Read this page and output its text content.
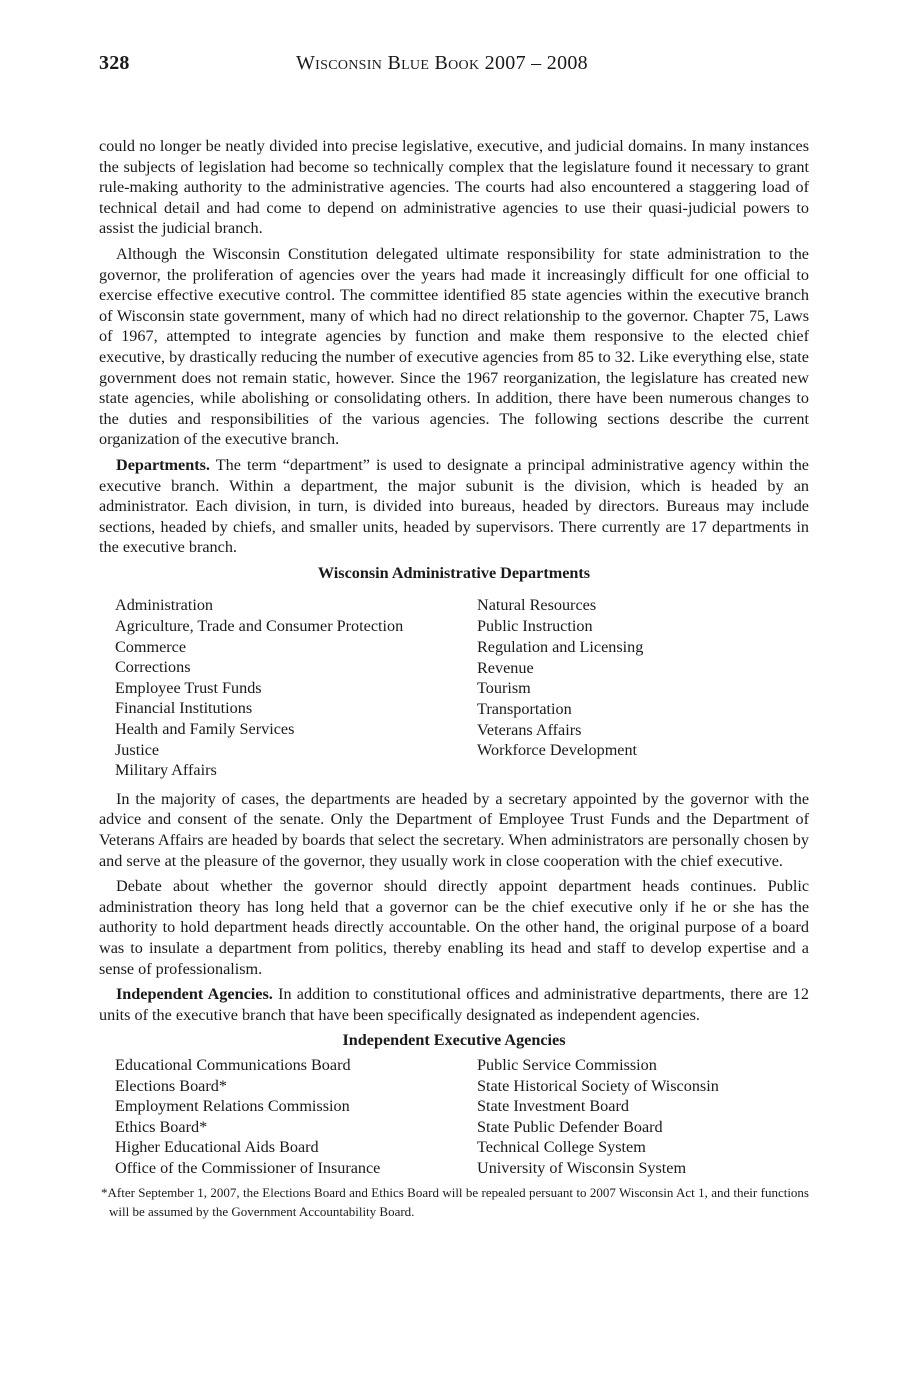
328	Wisconsin Blue Book 2007 – 2008

could no longer be neatly divided into precise legislative, executive, and judicial domains. In many instances the subjects of legislation had become so technically complex that the legislature found it necessary to grant rule-making authority to the administrative agencies. The courts had also encountered a staggering load of technical detail and had come to depend on administrative agencies to use their quasi-judicial powers to assist the judicial branch.

Although the Wisconsin Constitution delegated ultimate responsibility for state administration to the governor, the proliferation of agencies over the years had made it increasingly difficult for one official to exercise effective executive control. The committee identified 85 state agencies within the executive branch of Wisconsin state government, many of which had no direct relationship to the governor. Chapter 75, Laws of 1967, attempted to integrate agencies by function and make them responsive to the elected chief executive, by drastically reducing the number of executive agencies from 85 to 32. Like everything else, state government does not remain static, however. Since the 1967 reorganization, the legislature has created new state agencies, while abolishing or consolidating others. In addition, there have been numerous changes to the duties and responsibilities of the various agencies. The following sections describe the current organization of the executive branch.

Departments. The term “department” is used to designate a principal administrative agency within the executive branch. Within a department, the major subunit is the division, which is headed by an administrator. Each division, in turn, is divided into bureaus, headed by directors. Bureaus may include sections, headed by chiefs, and smaller units, headed by supervisors. There currently are 17 departments in the executive branch.

Wisconsin Administrative Departments
Administration
Agriculture, Trade and Consumer Protection
Commerce
Corrections
Employee Trust Funds
Financial Institutions
Health and Family Services
Justice
Military Affairs
Natural Resources
Public Instruction
Regulation and Licensing
Revenue
Tourism
Transportation
Veterans Affairs
Workforce Development

In the majority of cases, the departments are headed by a secretary appointed by the governor with the advice and consent of the senate. Only the Department of Employee Trust Funds and the Department of Veterans Affairs are headed by boards that select the secretary. When administrators are personally chosen by and serve at the pleasure of the governor, they usually work in close cooperation with the chief executive.

Debate about whether the governor should directly appoint department heads continues. Public administration theory has long held that a governor can be the chief executive only if he or she has the authority to hold department heads directly accountable. On the other hand, the original purpose of a board was to insulate a department from politics, thereby enabling its head and staff to develop expertise and a sense of professionalism.

Independent Agencies. In addition to constitutional offices and administrative departments, there are 12 units of the executive branch that have been specifically designated as independent agencies.

Independent Executive Agencies
Educational Communications Board
Elections Board*
Employment Relations Commission
Ethics Board*
Higher Educational Aids Board
Office of the Commissioner of Insurance
Public Service Commission
State Historical Society of Wisconsin
State Investment Board
State Public Defender Board
Technical College System
University of Wisconsin System
*After September 1, 2007, the Elections Board and Ethics Board will be repealed persuant to 2007 Wisconsin Act 1, and their functions will be assumed by the Government Accountability Board.
